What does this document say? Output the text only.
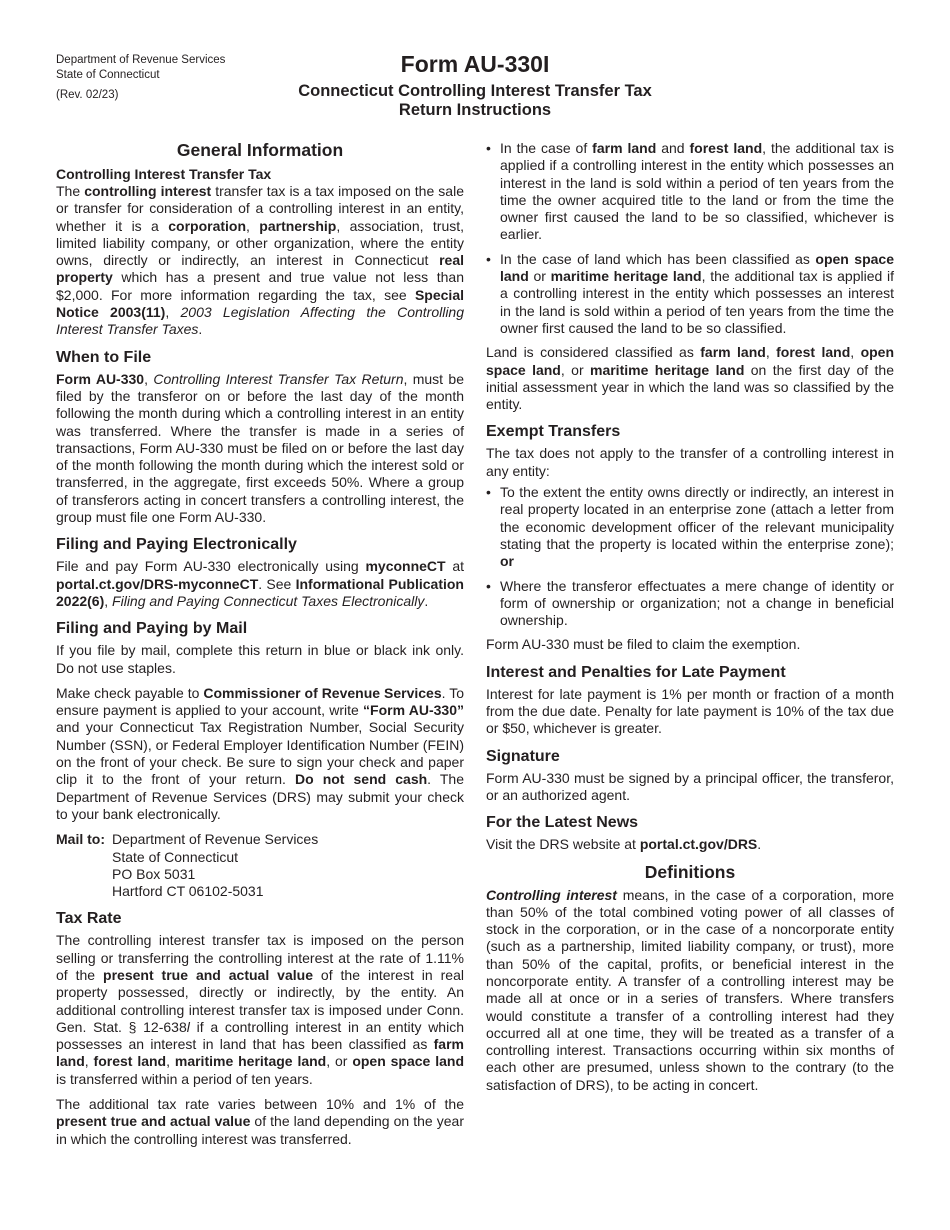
Department of Revenue Services
State of Connecticut
(Rev. 02/23)
Form AU-330I
Connecticut Controlling Interest Transfer Tax
Return Instructions
General Information
Controlling Interest Transfer Tax

The controlling interest transfer tax is a tax imposed on the sale or transfer for consideration of a controlling interest in an entity, whether it is a corporation, partnership, association, trust, limited liability company, or other organization, where the entity owns, directly or indirectly, an interest in Connecticut real property which has a present and true value not less than $2,000. For more information regarding the tax, see Special Notice 2003(11), 2003 Legislation Affecting the Controlling Interest Transfer Taxes.

When to File

Form AU-330, Controlling Interest Transfer Tax Return, must be filed by the transferor on or before the last day of the month following the month during which a controlling interest in an entity was transferred. Where the transfer is made in a series of transactions, Form AU-330 must be filed on or before the last day of the month following the month during which the interest sold or transferred, in the aggregate, first exceeds 50%. Where a group of transferors acting in concert transfers a controlling interest, the group must file one Form AU-330.

Filing and Paying Electronically

File and pay Form AU-330 electronically using myconneCT at portal.ct.gov/DRS-myconneCT. See Informational Publication 2022(6), Filing and Paying Connecticut Taxes Electronically.

Filing and Paying by Mail

If you file by mail, complete this return in blue or black ink only. Do not use staples.

Make check payable to Commissioner of Revenue Services. To ensure payment is applied to your account, write “Form AU-330” and your Connecticut Tax Registration Number, Social Security Number (SSN), or Federal Employer Identification Number (FEIN) on the front of your check. Be sure to sign your check and paper clip it to the front of your return. Do not send cash. The Department of Revenue Services (DRS) may submit your check to your bank electronically.

Mail to: Department of Revenue Services
State of Connecticut
PO Box 5031
Hartford CT 06102-5031
Tax Rate

The controlling interest transfer tax is imposed on the person selling or transferring the controlling interest at the rate of 1.11% of the present true and actual value of the interest in real property possessed, directly or indirectly, by the entity. An additional controlling interest transfer tax is imposed under Conn. Gen. Stat. § 12-638l if a controlling interest in an entity which possesses an interest in land that has been classified as farm land, forest land, maritime heritage land, or open space land is transferred within a period of ten years.

The additional tax rate varies between 10% and 1% of the present true and actual value of the land depending on the year in which the controlling interest was transferred.

• In the case of farm land and forest land, the additional tax is applied if a controlling interest in the entity which possesses an interest in the land is sold within a period of ten years from the time the owner acquired title to the land or from the time the owner first caused the land to be so classified, whichever is earlier.
• In the case of land which has been classified as open space land or maritime heritage land, the additional tax is applied if a controlling interest in the entity which possesses an interest in the land is sold within a period of ten years from the time the owner first caused the land to be so classified.

Land is considered classified as farm land, forest land, open space land, or maritime heritage land on the first day of the initial assessment year in which the land was so classified by the entity.

Exempt Transfers

The tax does not apply to the transfer of a controlling interest in any entity:

• To the extent the entity owns directly or indirectly, an interest in real property located in an enterprise zone (attach a letter from the economic development officer of the relevant municipality stating that the property is located within the enterprise zone); or
• Where the transferor effectuates a mere change of identity or form of ownership or organization; not a change in beneficial ownership.

Form AU-330 must be filed to claim the exemption.

Interest and Penalties for Late Payment

Interest for late payment is 1% per month or fraction of a month from the due date. Penalty for late payment is 10% of the tax due or $50, whichever is greater.

Signature

Form AU-330 must be signed by a principal officer, the transferor, or an authorized agent.

For the Latest News

Visit the DRS website at portal.ct.gov/DRS.

Definitions

Controlling interest means, in the case of a corporation, more than 50% of the total combined voting power of all classes of stock in the corporation, or in the case of a noncorporate entity (such as a partnership, limited liability company, or trust), more than 50% of the capital, profits, or beneficial interest in the noncorporate entity. A transfer of a controlling interest may be made all at once or in a series of transfers. Where transfers would constitute a transfer of a controlling interest had they occurred all at one time, they will be treated as a transfer of a controlling interest. Transactions occurring within six months of each other are presumed, unless shown to the contrary (to the satisfaction of DRS), to be acting in concert.
